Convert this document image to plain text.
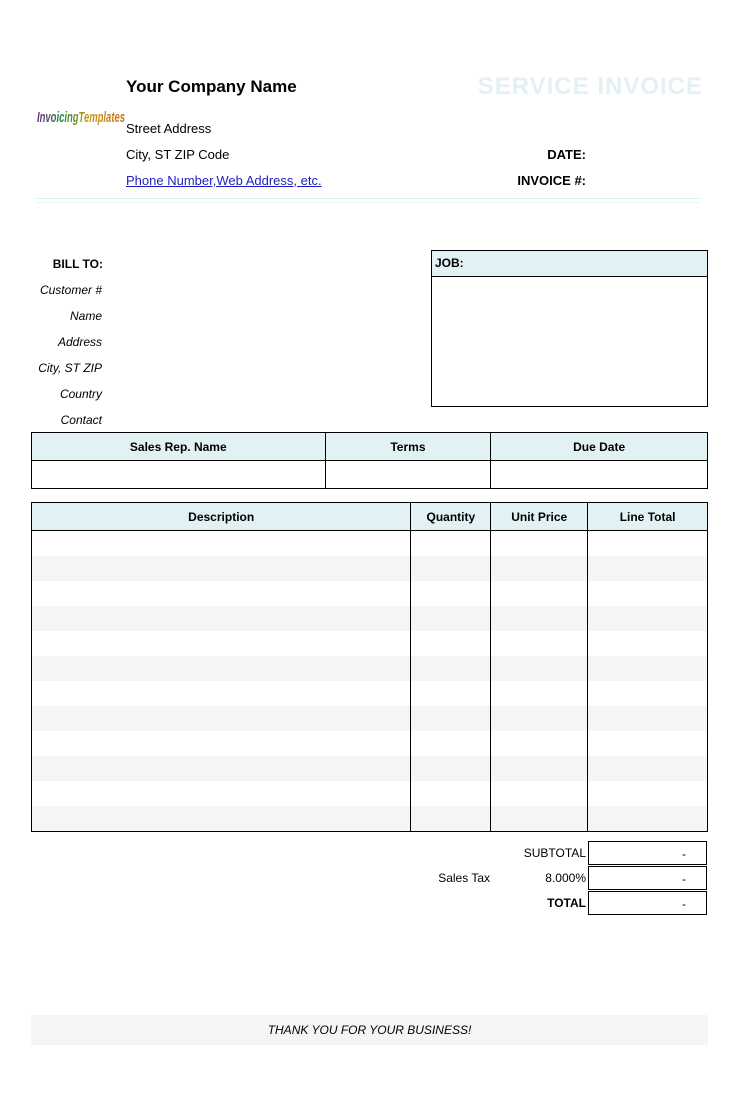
InvoicingTemplates
Your Company Name
Street Address
City, ST ZIP Code
Phone Number,Web Address, etc.
SERVICE INVOICE
DATE:
INVOICE #:
BILL TO:
Customer #
Name
Address
City, ST ZIP
Country
Contact
JOB:
Sales Rep. Name	Terms	Due Date

Description	Quantity	Unit Price	Line Total

SUBTOTAL	-
Sales Tax	8.000%	-
TOTAL	-
THANK YOU FOR YOUR BUSINESS!
